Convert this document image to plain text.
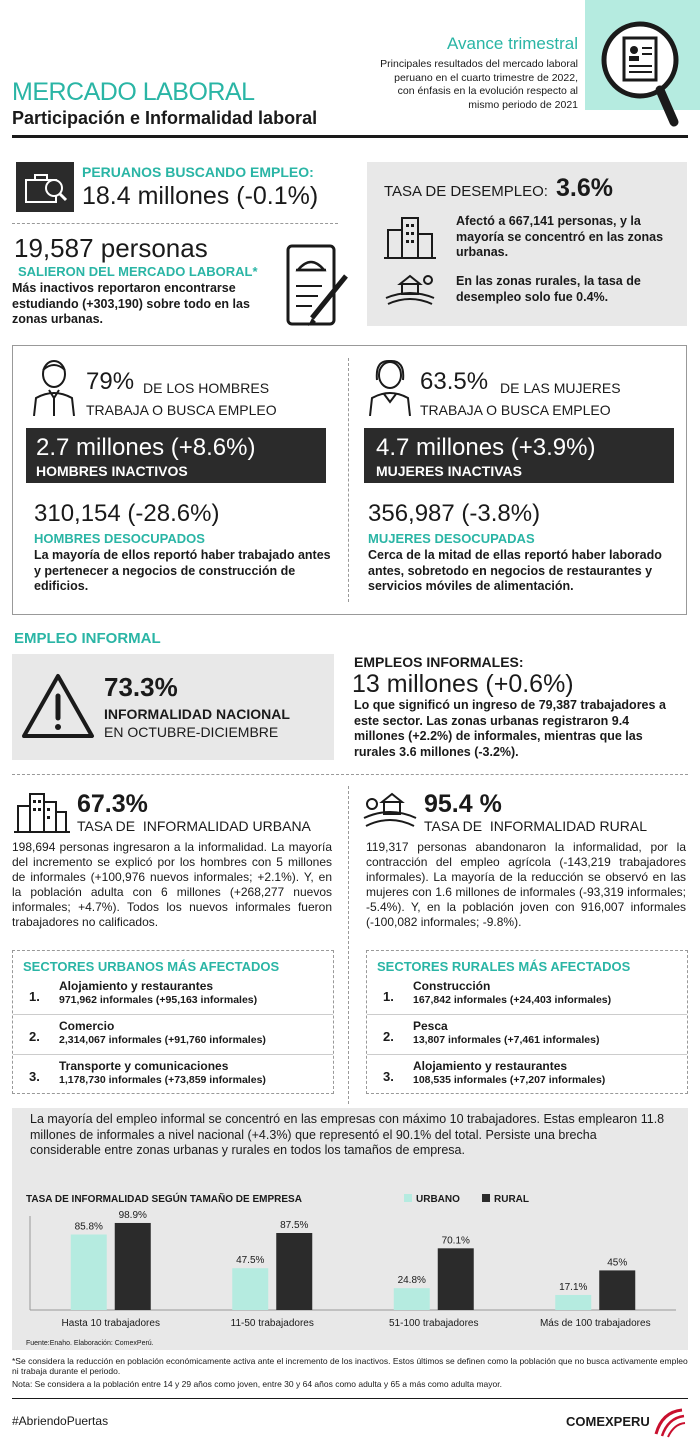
Avance trimestral
Principales resultados del mercado laboral peruano en el cuarto trimestre de 2022, con énfasis en la evolución respecto al mismo periodo de 2021
MERCADO LABORAL
Participación e Informalidad laboral
PERUANOS BUSCANDO EMPLEO:
18.4 millones (-0.1%)
19,587 personas
SALIERON DEL MERCADO LABORAL*
Más inactivos reportaron encontrarse estudiando (+303,190) sobre todo en las zonas urbanas.
TASA DE DESEMPLEO: 3.6%
Afectó a 667,141 personas, y la mayoría se concentró en las zonas urbanas.
En las zonas rurales, la tasa de desempleo solo fue 0.4%.
79% DE LOS HOMBRES
TRABAJA O BUSCA EMPLEO
2.7 millones (+8.6%)
HOMBRES INACTIVOS
310,154 (-28.6%)
HOMBRES DESOCUPADOS
La mayoría de ellos reportó haber trabajado antes y pertenecer a negocios de construcción de edificios.
63.5% DE LAS MUJERES
TRABAJA O BUSCA EMPLEO
4.7 millones (+3.9%)
MUJERES INACTIVAS
356,987 (-3.8%)
MUJERES DESOCUPADAS
Cerca de la mitad de ellas reportó haber laborado antes, sobretodo en negocios de restaurantes y servicios móviles de alimentación.
EMPLEO INFORMAL
73.3%
INFORMALIDAD NACIONAL
EN OCTUBRE-DICIEMBRE
EMPLEOS INFORMALES:
13 millones (+0.6%)
Lo que significó un ingreso de 79,387 trabajadores a este sector. Las zonas urbanas registraron 9.4 millones (+2.2%) de informales, mientras que las rurales 3.6 millones (-3.2%).
67.3%
TASA DE  INFORMALIDAD URBANA
198,694 personas ingresaron a la informalidad. La mayoría del incremento se explicó por los hombres con 5 millones de informales (+100,976 nuevos informales; +2.1%). Y, en la población adulta con 6 millones (+268,277 nuevos informales; +4.7%). Todos los nuevos informales fueron trabajadores no calificados.
SECTORES URBANOS MÁS AFECTADOS
1.
Alojamiento y restaurantes
971,962 informales (+95,163 informales)
2.
Comercio
2,314,067 informales (+91,760 informales)
3.
Transporte y comunicaciones
1,178,730 informales (+73,859 informales)
95.4 %
TASA DE  INFORMALIDAD RURAL
119,317 personas abandonaron la informalidad, por la contracción del empleo agrícola (-143,219 trabajadores informales). La mayoría de la reducción se observó en las mujeres con 1.6 millones de informales (-93,319 informales; -5.4%). Y, en la población joven con 916,007 informales (-100,082 informales; -9.8%).
SECTORES RURALES MÁS AFECTADOS
1.
Construcción
167,842 informales (+24,403 informales)
2.
Pesca
13,807 informales (+7,461 informales)
3.
Alojamiento y restaurantes
108,535 informales (+7,207 informales)
La mayoría del empleo informal se concentró en las empresas con máximo 10 trabajadores. Estas emplearon 11.8 millones de informales a nivel nacional (+4.3%) que representó el 90.1% del total. Persiste una brecha considerable entre zonas urbanas y rurales en todos los tamaños de empresa.
TASA DE INFORMALIDAD SEGÚN TAMAÑO DE EMPRESA	URBANO	RURAL
85.8%
98.9%
Hasta 10 trabajadores
47.5%
87.5%
11-50 trabajadores
24.8%
70.1%
51-100 trabajadores
17.1%
45%
Más de 100 trabajadores
Fuente:Enaho. Elaboración: ComexPerú.
*Se considera la reducción en población económicamente activa ante el incremento de los inactivos. Estos últimos se definen como la población que no busca activamente empleo ni trabaja durante el periodo.
Nota: Se considera a la población entre 14 y 29 años como joven, entre 30 y 64 años como adulta y 65 a más como adulta mayor.
#AbriendoPuertas	COMEXPERU
